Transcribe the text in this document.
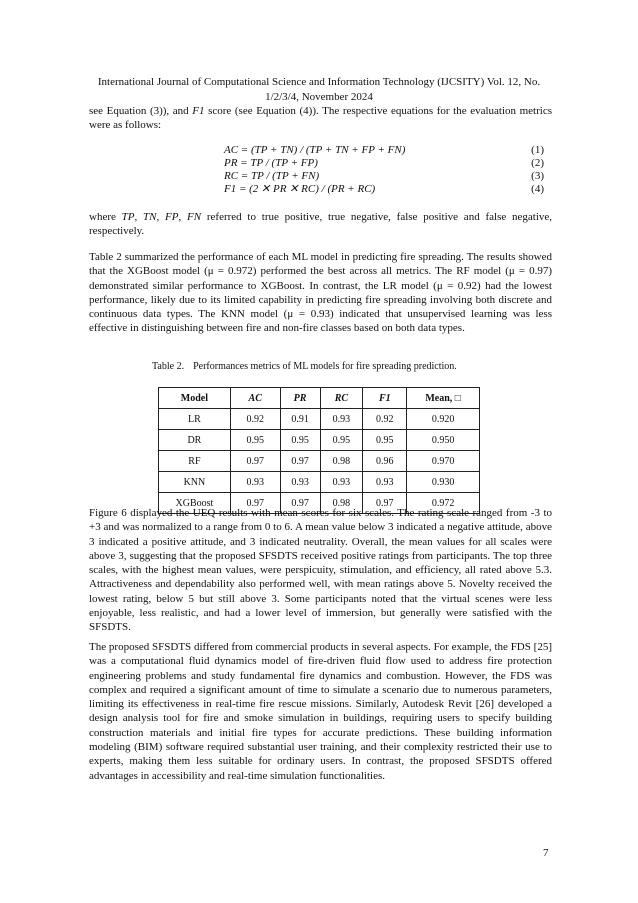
International Journal of Computational Science and Information Technology (IJCSITY) Vol. 12, No.
1/2/3/4, November 2024

see Equation (3)), and F1 score (see Equation (4)). The respective equations for the evaluation metrics were as follows:

AC = (TP + TN) / (TP + TN + FP + FN)	(1)
PR = TP / (TP + FP)	(2)
RC = TP / (TP + FN)	(3)
F1 = (2 ✕ PR ✕ RC) / (PR + RC)	(4)

where TP, TN, FP, FN referred to true positive, true negative, false positive and false negative, respectively.

Table 2 summarized the performance of each ML model in predicting fire spreading. The results showed that the XGBoost model (μ = 0.972) performed the best across all metrics. The RF model (μ = 0.97) demonstrated similar performance to XGBoost. In contrast, the LR model (μ = 0.92) had the lowest performance, likely due to its limited capability in predicting fire spreading involving both discrete and continuous data types. The KNN model (μ = 0.93) indicated that unsupervised learning was less effective in distinguishing between fire and non-fire classes based on both data types.

Table 2. Performances metrics of ML models for fire spreading prediction.
Model	AC	PR	RC	F1	Mean, □
LR	0.92	0.91	0.93	0.92	0.920
DR	0.95	0.95	0.95	0.95	0.950
RF	0.97	0.97	0.98	0.96	0.970
KNN	0.93	0.93	0.93	0.93	0.930
XGBoost	0.97	0.97	0.98	0.97	0.972

Figure 6 displayed the UEQ results with mean scores for six scales. The rating scale ranged from -3 to +3 and was normalized to a range from 0 to 6. A mean value below 3 indicated a negative attitude, above 3 indicated a positive attitude, and 3 indicated neutrality. Overall, the mean values for all scales were above 3, suggesting that the proposed SFSDTS received positive ratings from participants. The top three scales, with the highest mean values, were perspicuity, stimulation, and efficiency, all rated above 5.3. Attractiveness and dependability also performed well, with mean ratings above 5. Novelty received the lowest rating, below 5 but still above 3. Some participants noted that the virtual scenes were less enjoyable, less realistic, and had a lower level of immersion, but generally were satisfied with the SFSDTS.

The proposed SFSDTS differed from commercial products in several aspects. For example, the FDS [25] was a computational fluid dynamics model of fire-driven fluid flow used to address fire protection engineering problems and study fundamental fire dynamics and combustion. However, the FDS was complex and required a significant amount of time to simulate a scenario due to numerous parameters, limiting its effectiveness in real-time fire rescue missions. Similarly, Autodesk Revit [26] developed a design analysis tool for fire and smoke simulation in buildings, requiring users to specify building construction materials and initial fire types for accurate predictions. These building information modeling (BIM) software required substantial user training, and their complexity restricted their use to experts, making them less suitable for ordinary users. In contrast, the proposed SFSDTS offered advantages in accessibility and real-time simulation functionalities.

7
